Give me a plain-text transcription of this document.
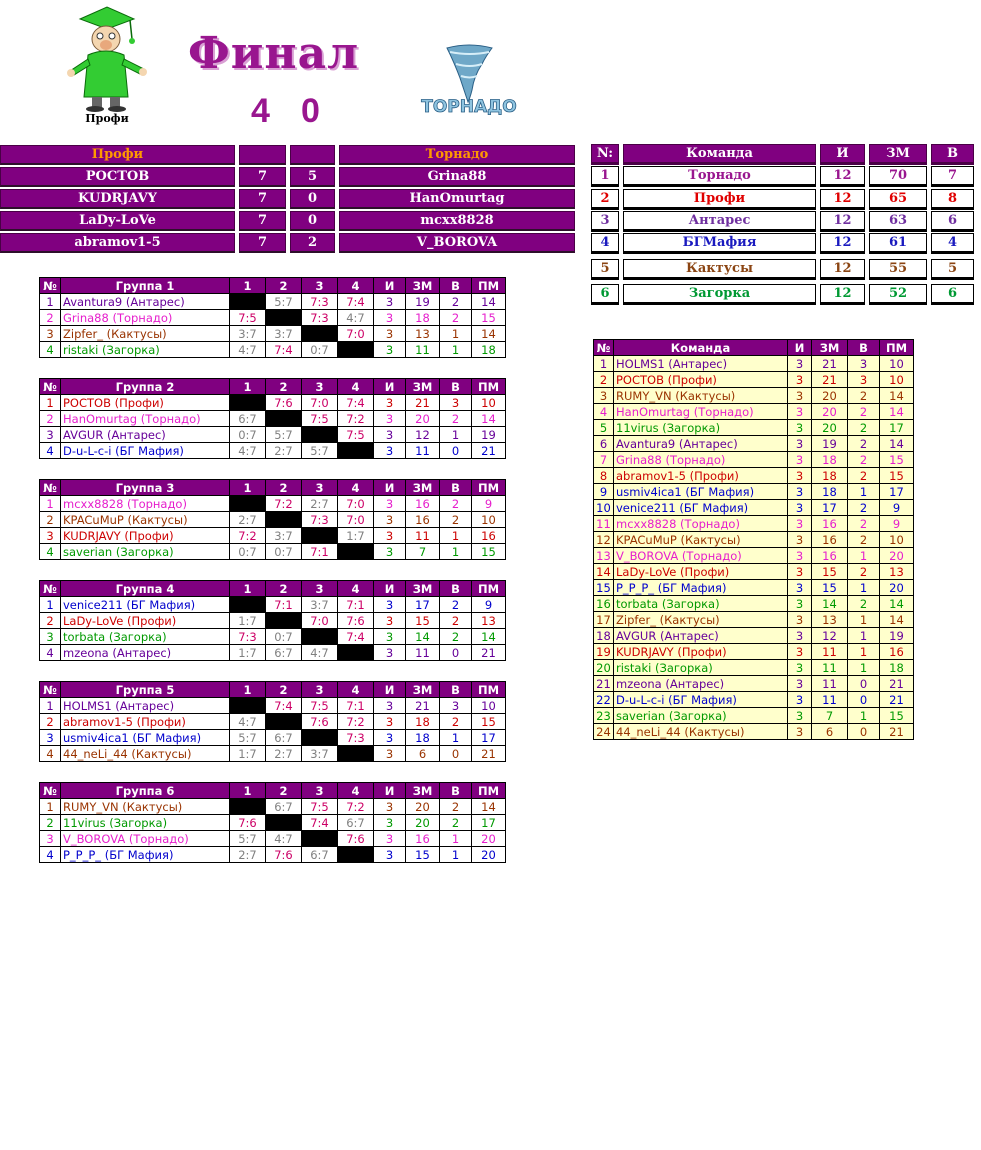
Профи
Финал
4 0	ТОРНАДО
Профи	Торнадо
РОСТОВ	7	5	Grina88
KUDRJAVY	7	0	HanOmurtag
LaDy-LoVe	7	0	mcxx8828
abramov1-5	7	2	V_BOROVA
N:	Команда	И	ЗМ	В
1	Торнадо	12	70	7
2	Профи	12	65	8
3	Антарес	12	63	6
4	БГМафия	12	61	4
5	Кактусы	12	55	5
6	Загорка	12	52	6
№	Группа 1	1	2	3	4	И	ЗМ	В	ПМ
1	Avantura9 (Антарес)		5:7	7:3	7:4	3	19	2	14
2	Grina88 (Торнадо)	7:5		7:3	4:7	3	18	2	15
3	Zipfer_ (Кактусы)	3:7	3:7		7:0	3	13	1	14
4	ristaki (Загорка)	4:7	7:4	0:7		3	11	1	18
№	Группа 2	1	2	3	4	И	ЗМ	В	ПМ
1	РОСТОВ (Профи)		7:6	7:0	7:4	3	21	3	10
2	HanOmurtag (Торнадо)	6:7		7:5	7:2	3	20	2	14
3	AVGUR (Антарес)	0:7	5:7		7:5	3	12	1	19
4	D-u-L-c-i (БГ Мафия)	4:7	2:7	5:7		3	11	0	21
№	Группа 3	1	2	3	4	И	ЗМ	В	ПМ
1	mcxx8828 (Торнадо)		7:2	2:7	7:0	3	16	2	9
2	KPACuMuP (Кактусы)	2:7		7:3	7:0	3	16	2	10
3	KUDRJAVY (Профи)	7:2	3:7		1:7	3	11	1	16
4	saverian (Загорка)	0:7	0:7	7:1		3	7	1	15
№	Группа 4	1	2	3	4	И	ЗМ	В	ПМ
1	venice211 (БГ Мафия)		7:1	3:7	7:1	3	17	2	9
2	LaDy-LoVe (Профи)	1:7		7:0	7:6	3	15	2	13
3	torbata (Загорка)	7:3	0:7		7:4	3	14	2	14
4	mzeona (Антарес)	1:7	6:7	4:7		3	11	0	21
№	Группа 5	1	2	3	4	И	ЗМ	В	ПМ
1	HOLMS1 (Антарес)		7:4	7:5	7:1	3	21	3	10
2	abramov1-5 (Профи)	4:7		7:6	7:2	3	18	2	15
3	usmiv4ica1 (БГ Мафия)	5:7	6:7		7:3	3	18	1	17
4	44_neLi_44 (Кактусы)	1:7	2:7	3:7		3	6	0	21
№	Группа 6	1	2	3	4	И	ЗМ	В	ПМ
1	RUMY_VN (Кактусы)		6:7	7:5	7:2	3	20	2	14
2	11virus (Загорка)	7:6		7:4	6:7	3	20	2	17
3	V_BOROVA (Торнадо)	5:7	4:7		7:6	3	16	1	20
4	P_P_P_ (БГ Мафия)	2:7	7:6	6:7		3	15	1	20
№	Команда	И	ЗМ	В	ПМ
1	HOLMS1 (Антарес)	3	21	3	10
2	РОСТОВ (Профи)	3	21	3	10
3	RUMY_VN (Кактусы)	3	20	2	14
4	HanOmurtag (Торнадо)	3	20	2	14
5	11virus (Загорка)	3	20	2	17
6	Avantura9 (Антарес)	3	19	2	14
7	Grina88 (Торнадо)	3	18	2	15
8	abramov1-5 (Профи)	3	18	2	15
9	usmiv4ica1 (БГ Мафия)	3	18	1	17
10	venice211 (БГ Мафия)	3	17	2	9
11	mcxx8828 (Торнадо)	3	16	2	9
12	KPACuMuP (Кактусы)	3	16	2	10
13	V_BOROVA (Торнадо)	3	16	1	20
14	LaDy-LoVe (Профи)	3	15	2	13
15	P_P_P_ (БГ Мафия)	3	15	1	20
16	torbata (Загорка)	3	14	2	14
17	Zipfer_ (Кактусы)	3	13	1	14
18	AVGUR (Антарес)	3	12	1	19
19	KUDRJAVY (Профи)	3	11	1	16
20	ristaki (Загорка)	3	11	1	18
21	mzeona (Антарес)	3	11	0	21
22	D-u-L-c-i (БГ Мафия)	3	11	0	21
23	saverian (Загорка)	3	7	1	15
24	44_neLi_44 (Кактусы)	3	6	0	21
